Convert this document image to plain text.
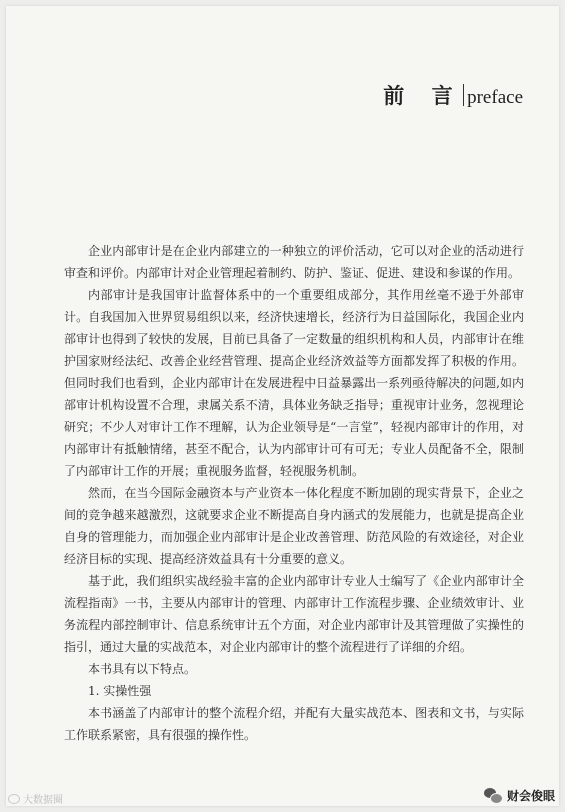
前 言 preface

企业内部审计是在企业内部建立的一种独立的评价活动，它可以对企业的活动进行审查和评价。内部审计对企业管理起着制约、防护、鉴证、促进、建设和参谋的作用。

内部审计是我国审计监督体系中的一个重要组成部分，其作用丝毫不逊于外部审计。自我国加入世界贸易组织以来，经济快速增长，经济行为日益国际化，我国企业内部审计也得到了较快的发展，目前已具备了一定数量的组织机构和人员，内部审计在维护国家财经法纪、改善企业经营管理、提高企业经济效益等方面都发挥了积极的作用。但同时我们也看到，企业内部审计在发展进程中日益暴露出一系列亟待解决的问题,如内部审计机构设置不合理，隶属关系不清，具体业务缺乏指导；重视审计业务，忽视理论研究；不少人对审计工作不理解，认为企业领导是“一言堂”，轻视内部审计的作用，对内部审计有抵触情绪，甚至不配合，认为内部审计可有可无；专业人员配备不全，限制了内部审计工作的开展；重视服务监督，轻视服务机制。

然而，在当今国际金融资本与产业资本一体化程度不断加剧的现实背景下，企业之间的竞争越来越激烈，这就要求企业不断提高自身内涵式的发展能力，也就是提高企业自身的管理能力，而加强企业内部审计是企业改善管理、防范风险的有效途径，对企业经济目标的实现、提高经济效益具有十分重要的意义。

基于此，我们组织实战经验丰富的企业内部审计专业人士编写了《企业内部审计全流程指南》一书，主要从内部审计的管理、内部审计工作流程步骤、企业绩效审计、业务流程内部控制审计、信息系统审计五个方面，对企业内部审计及其管理做了实操性的指引，通过大量的实战范本，对企业内部审计的整个流程进行了详细的介绍。

本书具有以下特点。

1. 实操性强

本书涵盖了内部审计的整个流程介绍，并配有大量实战范本、图表和文书，与实际工作联系紧密，具有很强的操作性。

大数据圈	财会俊眼
